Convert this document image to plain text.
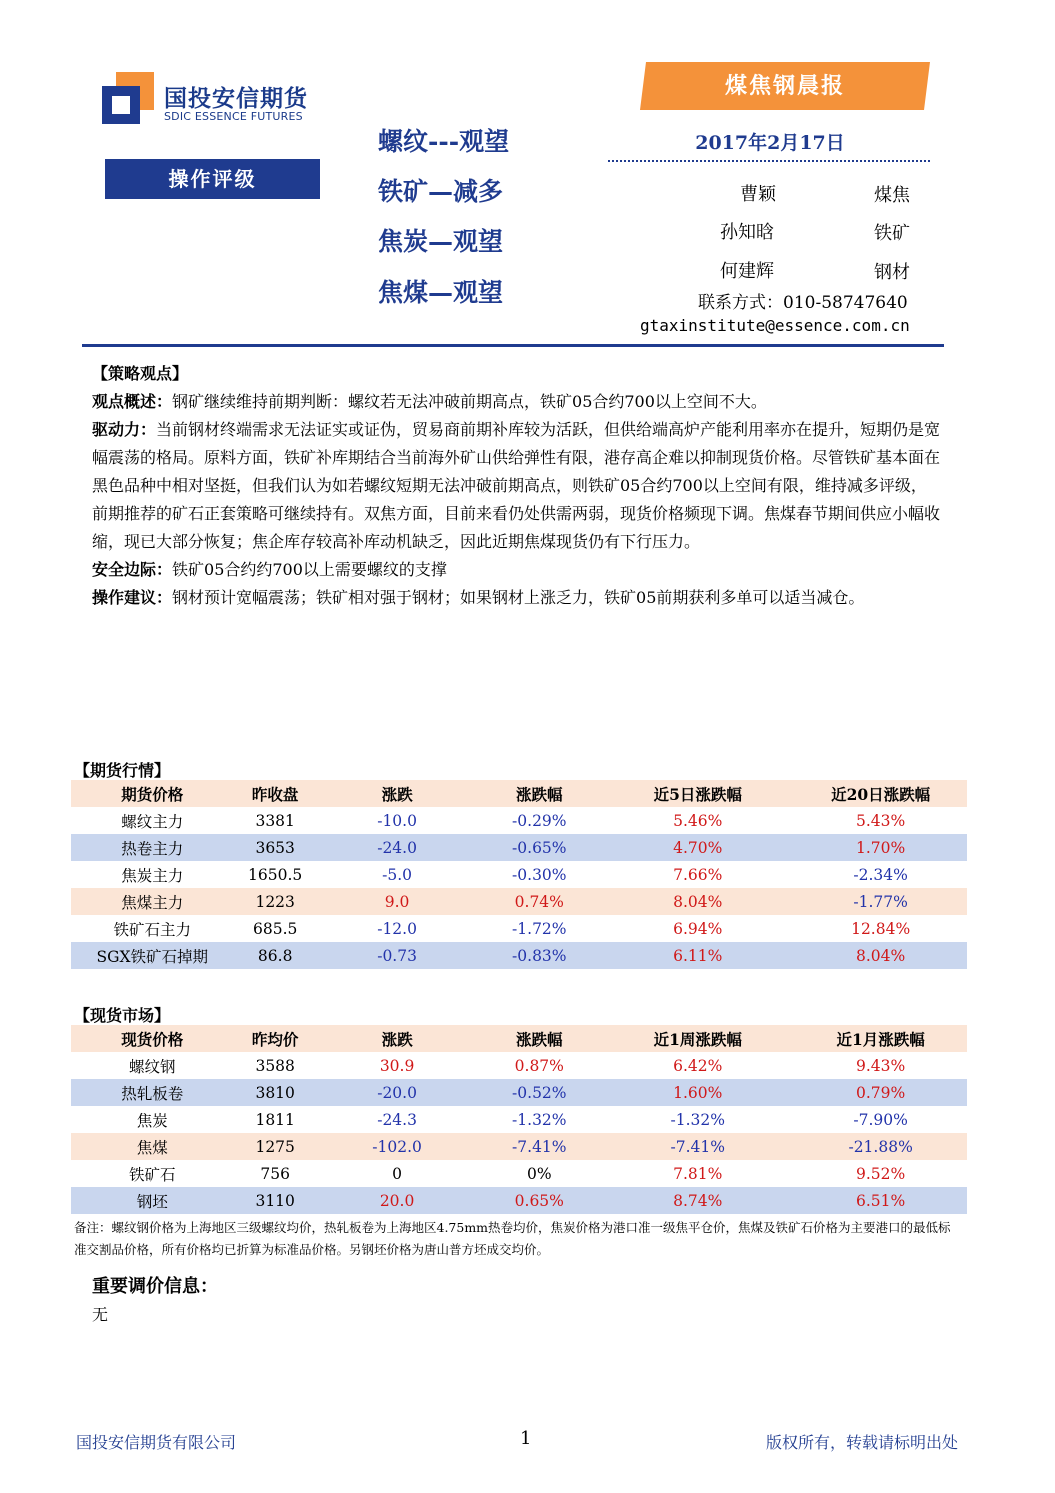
国投安信期货
SDIC ESSENCE FUTURES
操作评级
螺纹---观望
铁矿—减多
焦炭—观望
焦煤—观望
煤焦钢晨报
2017年2月17日
曹颖	煤焦
孙知晗	铁矿
何建辉	钢材
联系方式：010-58747640
gtaxinstitute@essence.com.cn

【策略观点】

观点概述：钢矿继续维持前期判断：螺纹若无法冲破前期高点，铁矿05合约700以上空间不大。

驱动力：当前钢材终端需求无法证实或证伪，贸易商前期补库较为活跃，但供给端高炉产能利用率亦在提升，短期仍是宽幅震荡的格局。原料方面，铁矿补库期结合当前海外矿山供给弹性有限，港存高企难以抑制现货价格。尽管铁矿基本面在黑色品种中相对坚挺，但我们认为如若螺纹短期无法冲破前期高点，则铁矿05合约700以上空间有限，维持减多评级，前期推荐的矿石正套策略可继续持有。双焦方面，目前来看仍处供需两弱，现货价格频现下调。焦煤春节期间供应小幅收缩，现已大部分恢复；焦企库存较高补库动机缺乏，因此近期焦煤现货仍有下行压力。

安全边际：铁矿05合约约700以上需要螺纹的支撑

操作建议：钢材预计宽幅震荡；铁矿相对强于钢材；如果钢材上涨乏力，铁矿05前期获利多单可以适当减仓。

【期货行情】
期货价格	昨收盘	涨跌	涨跌幅	近5日涨跌幅	近20日涨跌幅
螺纹主力	3381	-10.0	-0.29%	5.46%	5.43%
热卷主力	3653	-24.0	-0.65%	4.70%	1.70%
焦炭主力	1650.5	-5.0	-0.30%	7.66%	-2.34%
焦煤主力	1223	9.0	0.74%	8.04%	-1.77%
铁矿石主力	685.5	-12.0	-1.72%	6.94%	12.84%
SGX铁矿石掉期	86.8	-0.73	-0.83%	6.11%	8.04%
【现货市场】
现货价格	昨均价	涨跌	涨跌幅	近1周涨跌幅	近1月涨跌幅
螺纹钢	3588	30.9	0.87%	6.42%	9.43%
热轧板卷	3810	-20.0	-0.52%	1.60%	0.79%
焦炭	1811	-24.3	-1.32%	-1.32%	-7.90%
焦煤	1275	-102.0	-7.41%	-7.41%	-21.88%
铁矿石	756	0	0%	7.81%	9.52%
钢坯	3110	20.0	0.65%	8.74%	6.51%
备注：螺纹钢价格为上海地区三级螺纹均价，热轧板卷为上海地区4.75mm热卷均价，焦炭价格为港口准一级焦平仓价，焦煤及铁矿石价格为主要港口的最低标准交割品价格，所有价格均已折算为标准品价格。另钢坯价格为唐山普方坯成交均价。
重要调价信息：
无
国投安信期货有限公司	1	版权所有，转载请标明出处
